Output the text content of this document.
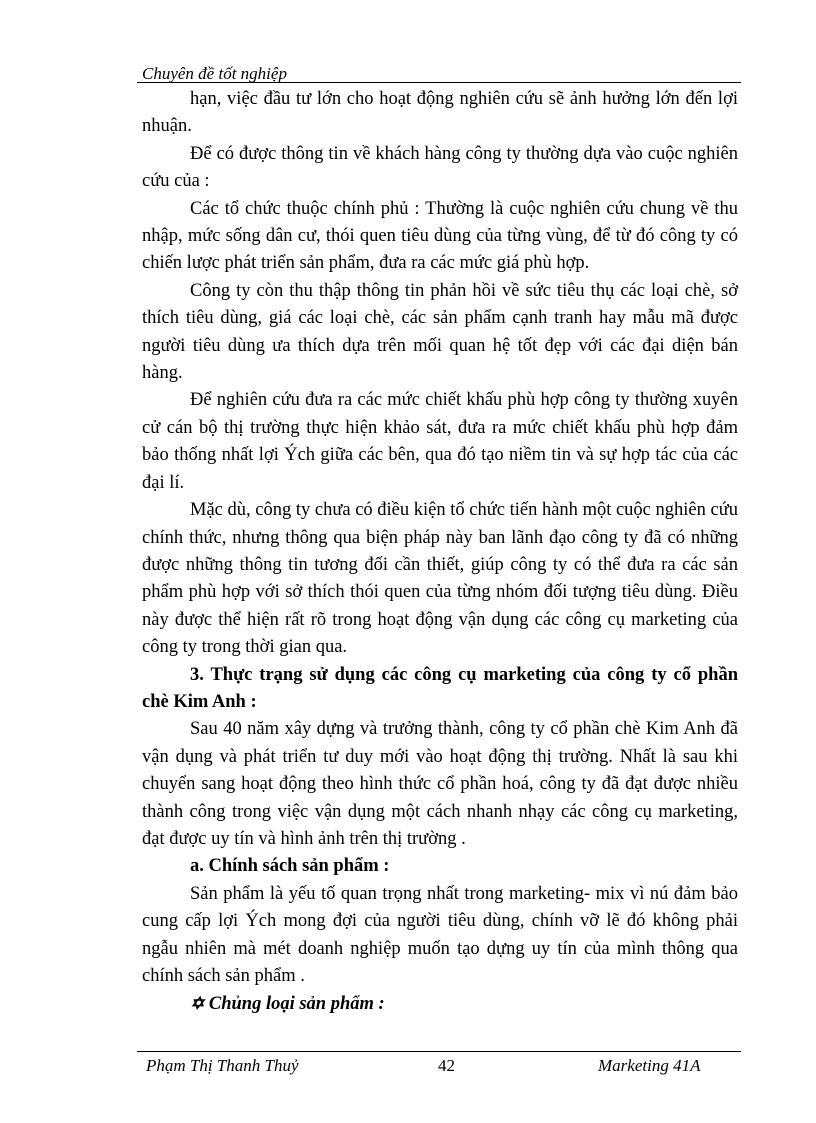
Chuyên đề tốt nghiệp

hạn, việc đầu tư lớn cho hoạt động nghiên cứu sẽ ảnh hưởng lớn đến lợi nhuận.

Để có được thông tin về khách hàng công ty thường dựa vào cuộc nghiên cứu của :

Các tổ chức thuộc chính phủ : Thường là cuộc nghiên cứu chung về thu nhập, mức sống dân cư, thói quen tiêu dùng của từng vùng, để từ đó công ty có chiến lược phát triển sản phẩm, đưa ra các mức giá phù hợp.

Công ty còn thu thập thông tin phản hồi về sức tiêu thụ các loại chè, sở thích tiêu dùng, giá các loại chè, các sản phẩm cạnh tranh hay mẫu mã được người tiêu dùng ưa thích dựa trên mối quan hệ tốt đẹp với các đại diện bán hàng.

Để nghiên cứu đưa ra các mức chiết khấu phù hợp công ty thường xuyên cử cán bộ thị trường thực hiện khảo sát, đưa ra mức chiết khấu phù hợp đảm bảo thống nhất lợi Ých giữa các bên, qua đó tạo niềm tin và sự hợp tác của các đại lí.

Mặc dù, công ty chưa có điều kiện tổ chức tiến hành một cuộc nghiên cứu chính thức, nhưng thông qua biện pháp này ban lãnh đạo công ty đã có những được những thông tin tương đối cần thiết, giúp công ty có thể đưa ra các sản phẩm phù hợp với sở thích thói quen của từng nhóm đối tượng tiêu dùng. Điều này được thể hiện rất rõ trong hoạt động vận dụng các công cụ marketing của công ty trong thời gian qua.

3. Thực trạng sử dụng các công cụ marketing của công ty cổ phần chè Kim Anh :

Sau 40 năm xây dựng và trưởng thành, công ty cổ phần chè Kim Anh đã vận dụng và phát triển tư duy mới vào hoạt động thị trường. Nhất là sau khi chuyển sang hoạt động theo hình thức cổ phần hoá, công ty đã đạt được nhiều thành công trong việc vận dụng một cách nhanh nhạy các công cụ marketing, đạt được uy tín và hình ảnh trên thị trường .

a. Chính sách sản phẩm :

Sản phẩm là yếu tố quan trọng nhất trong marketing- mix vì nú đảm bảo cung cấp lợi Ých mong đợi của người tiêu dùng, chính vỡ lẽ đó không phải ngẫu nhiên mà mét doanh nghiệp muốn tạo dựng uy tín của mình thông qua chính sách sản phẩm .

✡ Chủng loại sản phẩm :

Phạm Thị Thanh Thuỷ	42	Marketing 41A
